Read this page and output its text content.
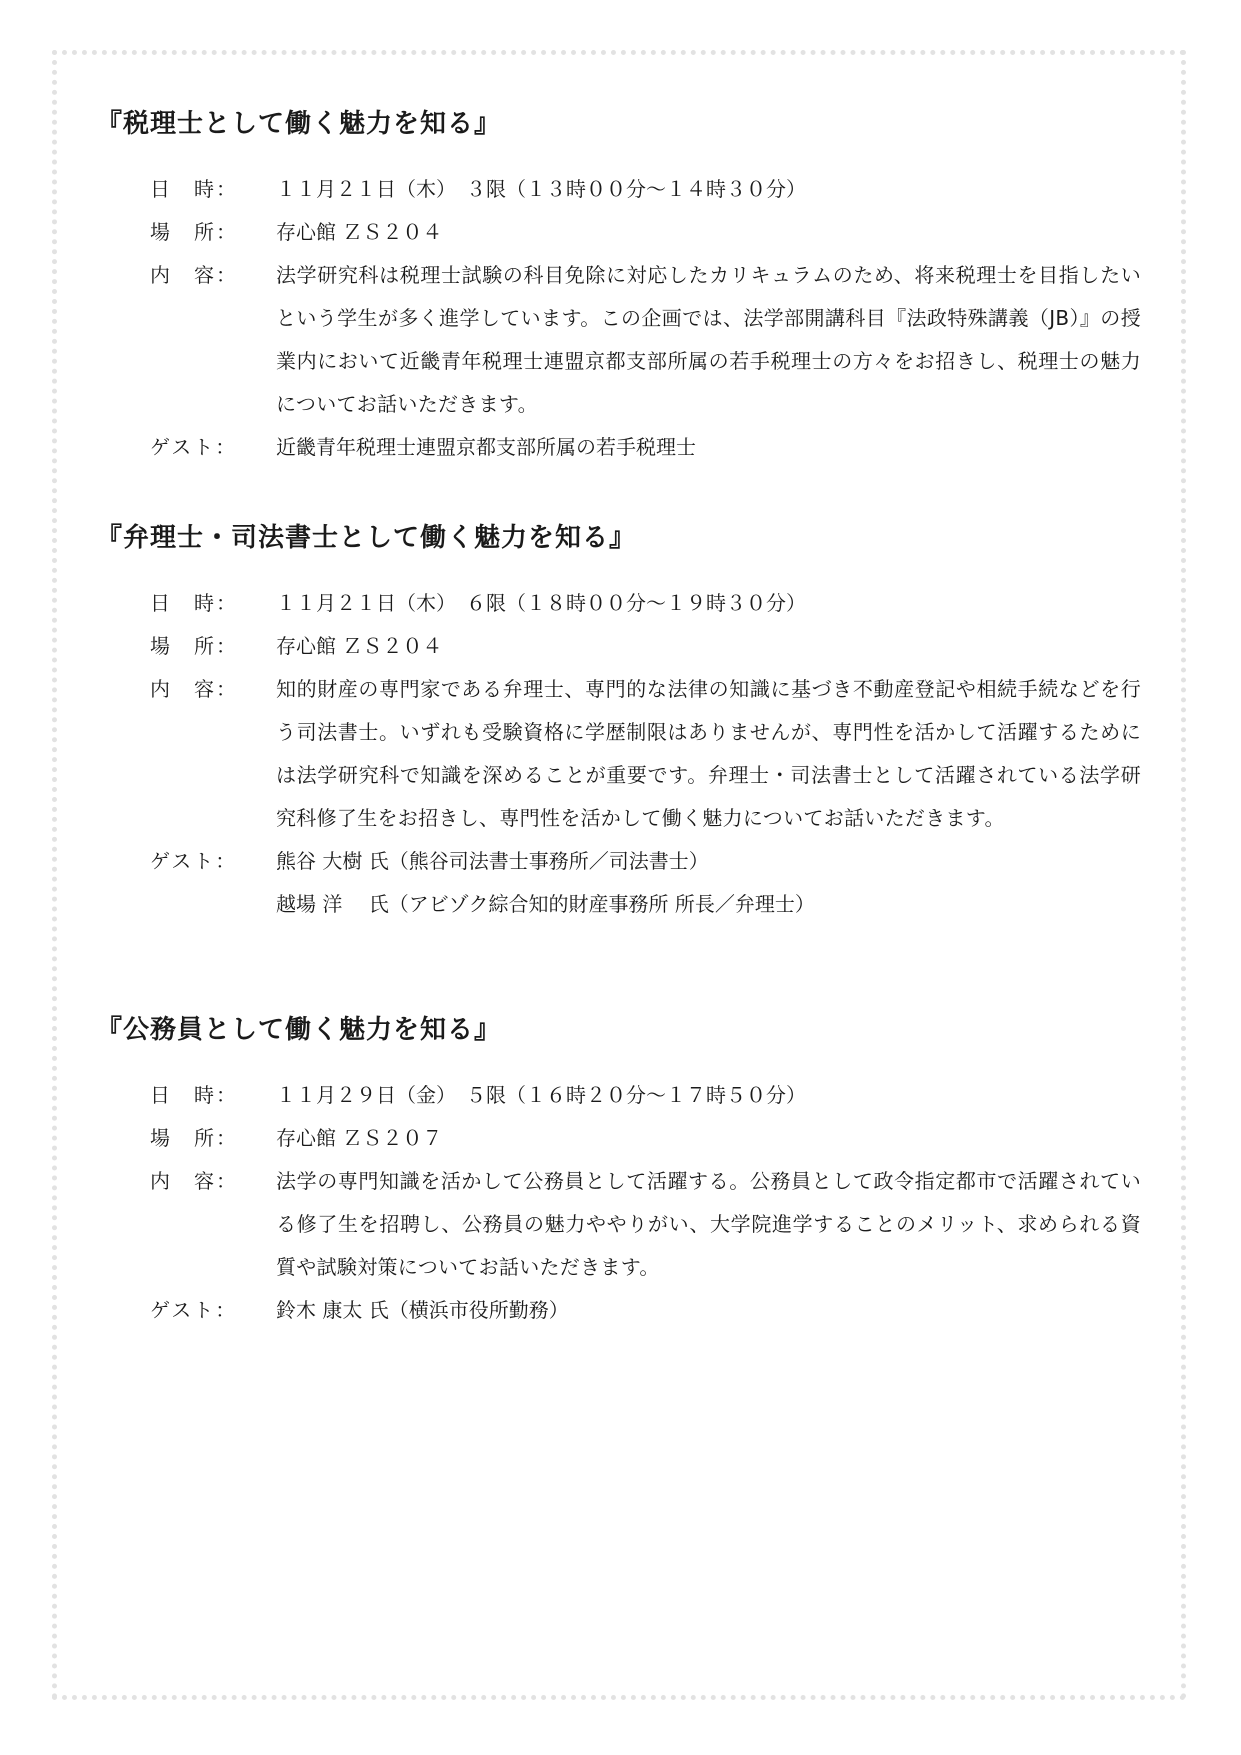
『税理士として働く魅力を知る』
日　時：	１１月２１日（木）　３限（１３時００分～１４時３０分）
場　所：	存心館 ＺＳ２０４
内　容：	法学研究科は税理士試験の科目免除に対応したカリキュラムのため、将来税理士を目指したいという学生が多く進学しています。この企画では、法学部開講科目『法政特殊講義（JB）』の授業内において近畿青年税理士連盟京都支部所属の若手税理士の方々をお招きし、税理士の魅力についてお話いただきます。
ゲスト：	近畿青年税理士連盟京都支部所属の若手税理士
『弁理士・司法書士として働く魅力を知る』
日　時：	１１月２１日（木）　６限（１８時００分～１９時３０分）
場　所：	存心館 ＺＳ２０４
内　容：	知的財産の専門家である弁理士、専門的な法律の知識に基づき不動産登記や相続手続などを行う司法書士。いずれも受験資格に学歴制限はありませんが、専門性を活かして活躍するためには法学研究科で知識を深めることが重要です。弁理士・司法書士として活躍されている法学研究科修了生をお招きし、専門性を活かして働く魅力についてお話いただきます。
ゲスト：	熊谷 大樹 氏（熊谷司法書士事務所／司法書士）
越場 洋　 氏（アビゾク綜合知的財産事務所 所長／弁理士）
『公務員として働く魅力を知る』
日　時：	１１月２９日（金）　５限（１６時２０分～１７時５０分）
場　所：	存心館 ＺＳ２０７
内　容：	法学の専門知識を活かして公務員として活躍する。公務員として政令指定都市で活躍されている修了生を招聘し、公務員の魅力ややりがい、大学院進学することのメリット、求められる資質や試験対策についてお話いただきます。
ゲスト：	鈴木 康太 氏（横浜市役所勤務）
